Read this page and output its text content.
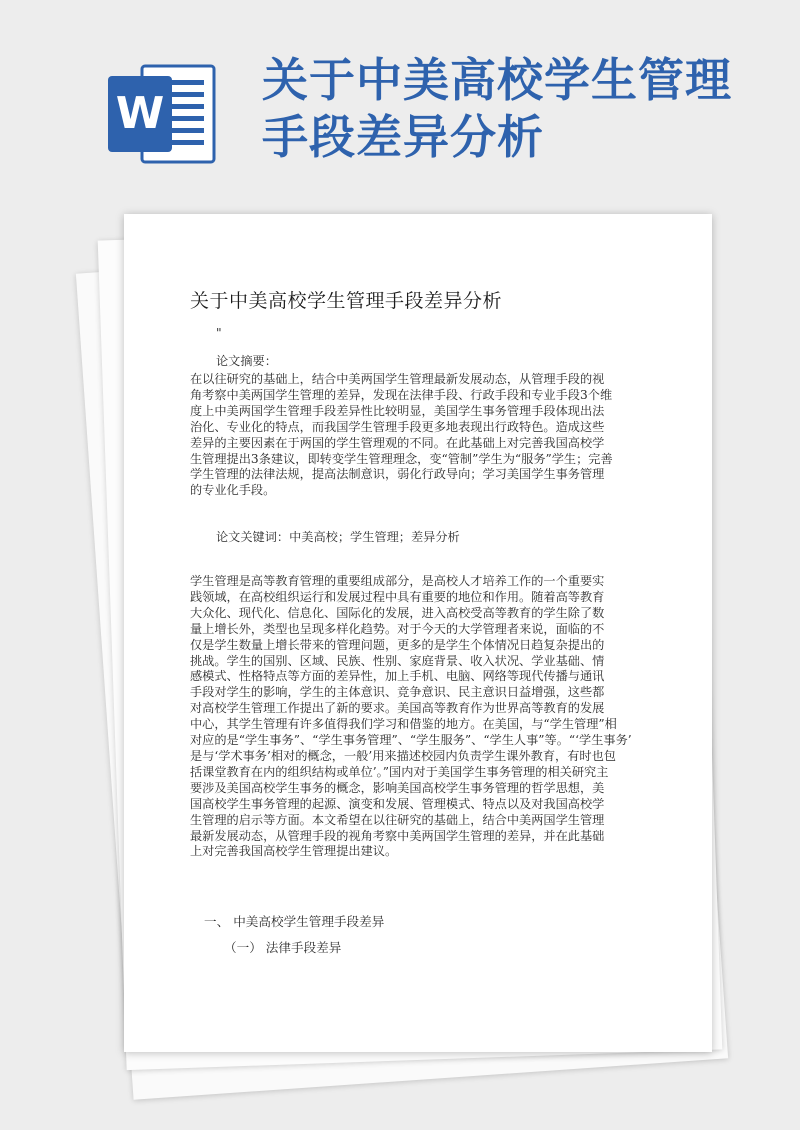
W
关于中美高校学生管理
手段差异分析
关于中美高校学生管理手段差异分析
"
论文摘要：
在以往研究的基础上，结合中美两国学生管理最新发展动态，从管理手段的视
角考察中美两国学生管理的差异，发现在法律手段、行政手段和专业手段3个维
度上中美两国学生管理手段差异性比较明显，美国学生事务管理手段体现出法
治化、专业化的特点，而我国学生管理手段更多地表现出行政特色。造成这些
差异的主要因素在于两国的学生管理观的不同。在此基础上对完善我国高校学
生管理提出3条建议，即转变学生管理理念，变“管制”学生为“服务”学生；完善
学生管理的法律法规，提高法制意识，弱化行政导向；学习美国学生事务管理
的专业化手段。
论文关键词：中美高校；学生管理；差异分析
学生管理是高等教育管理的重要组成部分，是高校人才培养工作的一个重要实
践领域，在高校组织运行和发展过程中具有重要的地位和作用。随着高等教育
大众化、现代化、信息化、国际化的发展，进入高校受高等教育的学生除了数
量上增长外，类型也呈现多样化趋势。对于今天的大学管理者来说，面临的不
仅是学生数量上增长带来的管理问题，更多的是学生个体情况日趋复杂提出的
挑战。学生的国别、区域、民族、性别、家庭背景、收入状况、学业基础、情
感模式、性格特点等方面的差异性，加上手机、电脑、网络等现代传播与通讯
手段对学生的影响，学生的主体意识、竞争意识、民主意识日益增强，这些都
对高校学生管理工作提出了新的要求。美国高等教育作为世界高等教育的发展
中心，其学生管理有许多值得我们学习和借鉴的地方。在美国，与“学生管理”相
对应的是“学生事务”、“学生事务管理”、“学生服务”、“学生人事”等。“‘学生事务’
是与‘学术事务’相对的概念，一般’用来描述校园内负责学生课外教育，有时也包
括课堂教育在内的组织结构或单位’。”国内对于美国学生事务管理的相关研究主
要涉及美国高校学生事务的概念，影响美国高校学生事务管理的哲学思想，美
国高校学生事务管理的起源、演变和发展、管理模式、特点以及对我国高校学
生管理的启示等方面。本文希望在以往研究的基础上，结合中美两国学生管理
最新发展动态，从管理手段的视角考察中美两国学生管理的差异，并在此基础
上对完善我国高校学生管理提出建议。
一、 中美高校学生管理手段差异
（一） 法律手段差异
